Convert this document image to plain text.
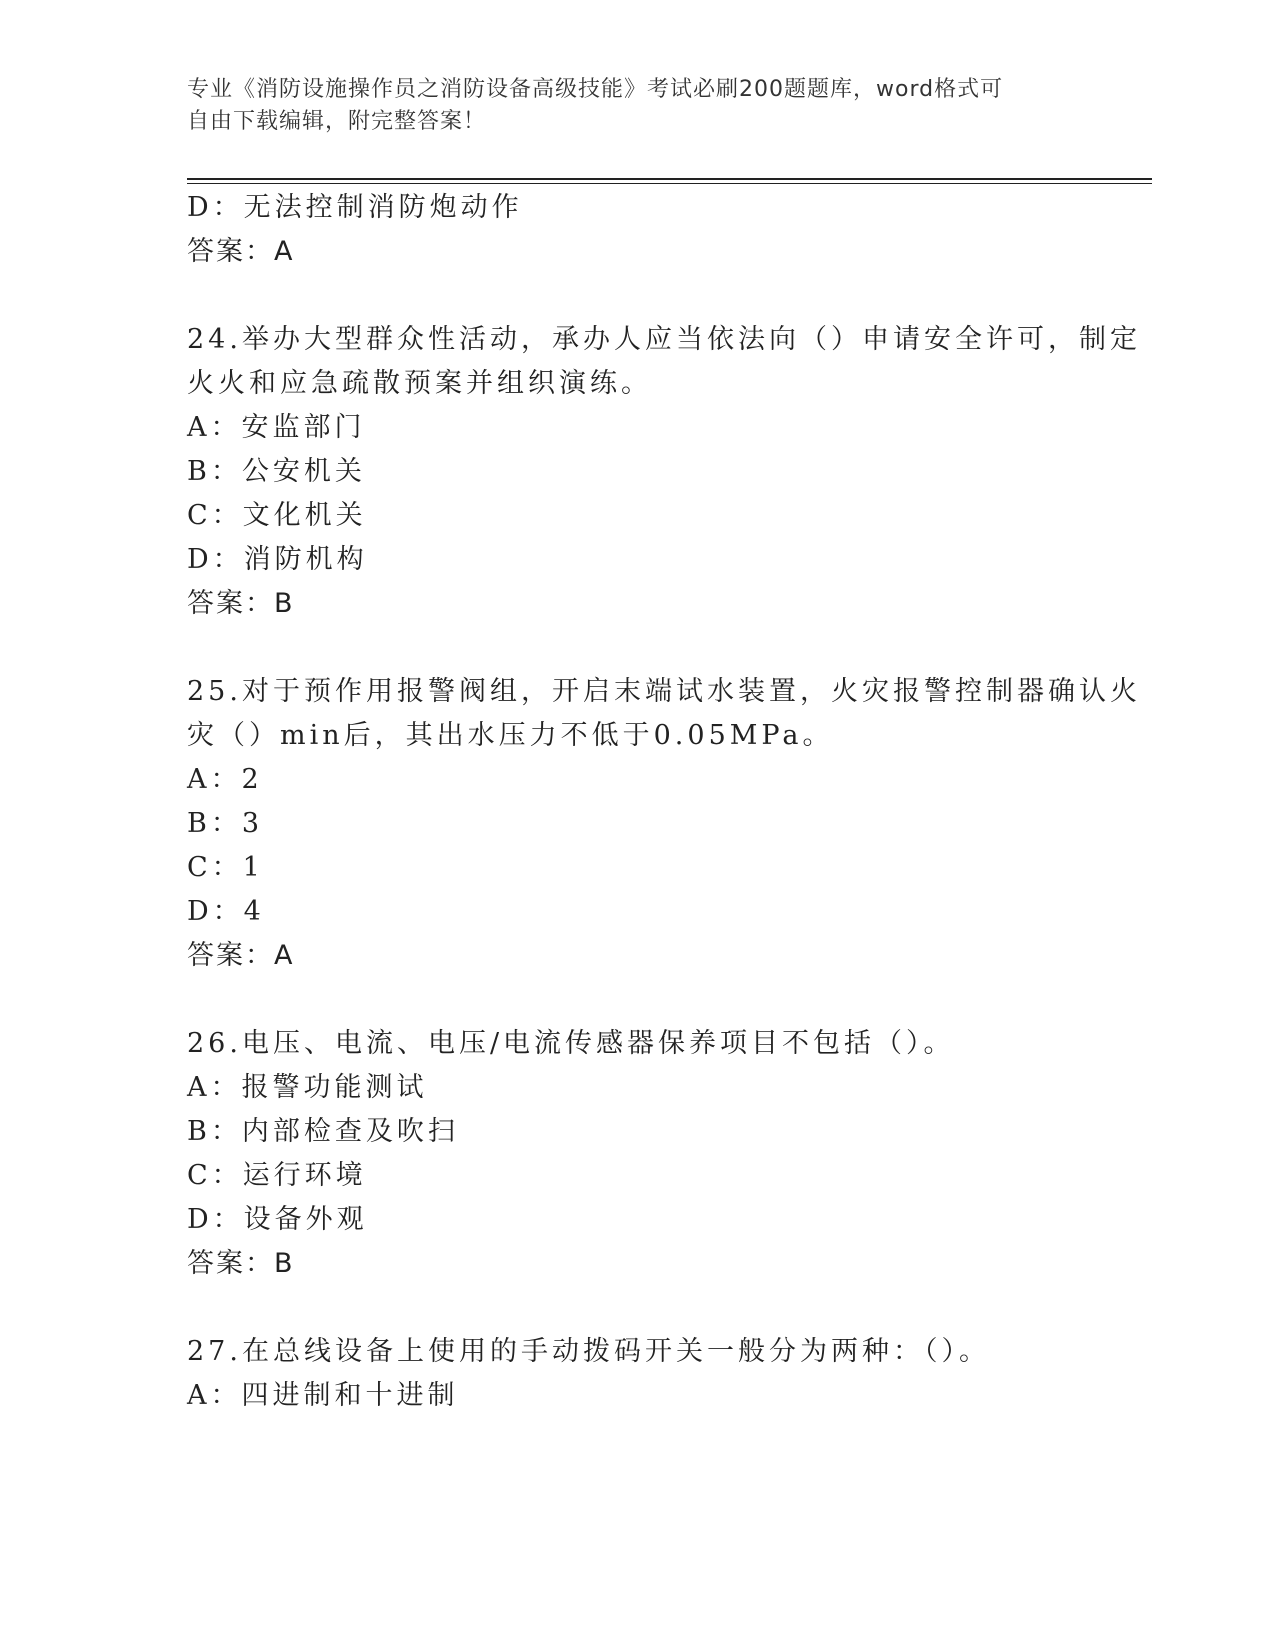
专业《消防设施操作员之消防设备高级技能》考试必刷200题题库，word格式可
自由下载编辑，附完整答案！
D：无法控制消防炮动作
答案：A
24.举办大型群众性活动，承办人应当依法向（）申请安全许可，制定
火火和应急疏散预案并组织演练。
A：安监部门
B：公安机关
C：文化机关
D：消防机构
答案：B
25.对于预作用报警阀组，开启末端试水装置，火灾报警控制器确认火
灾（）min后，其出水压力不低于0.05MPa。
A：2
B：3
C：1
D：4
答案：A
26.电压、电流、电压/电流传感器保养项目不包括（）。
A：报警功能测试
B：内部检查及吹扫
C：运行环境
D：设备外观
答案：B
27.在总线设备上使用的手动拨码开关一般分为两种：（）。
A：四进制和十进制
